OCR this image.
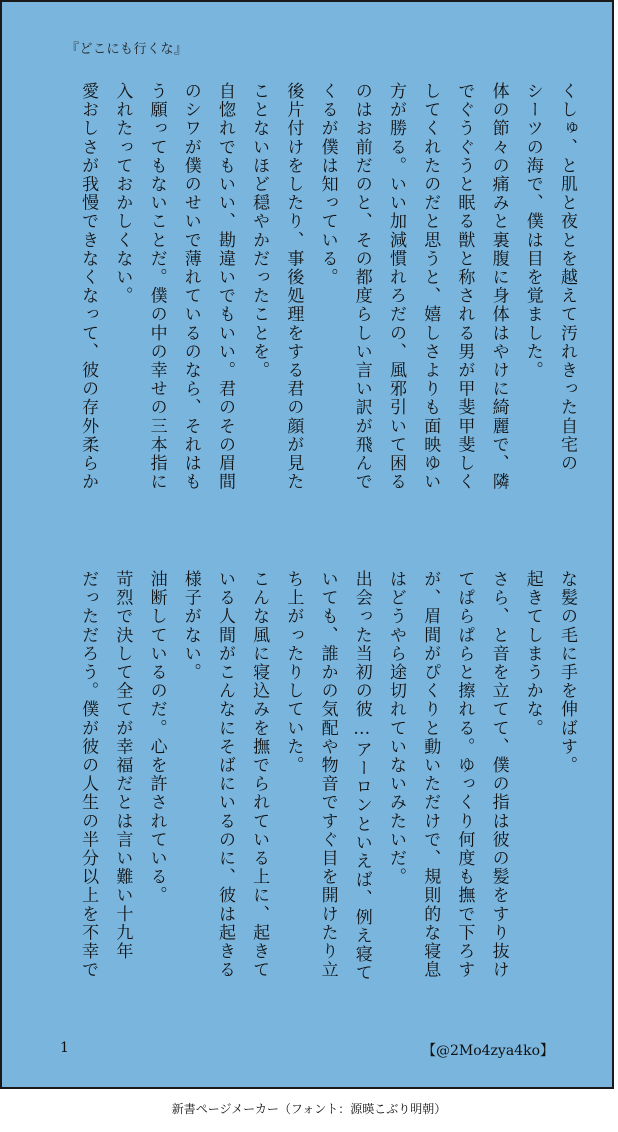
『どこにも行くな』
くしゅ、と肌と夜とを越えて汚れきった自宅の
シーツの海で、僕は目を覚ました。
体の節々の痛みと裏腹に身体はやけに綺麗で、隣
でぐうぐうと眠る獣と称される男が甲斐甲斐しく
してくれたのだと思うと、嬉しさよりも面映ゆい
方が勝る。いい加減慣れろだの、風邪引いて困る
のはお前だのと、その都度らしい言い訳が飛んで
くるが僕は知っている。
後片付けをしたり、事後処理をする君の顔が見た
ことないほど穏やかだったことを。
自惚れでもいい、勘違いでもいい。君のその眉間
のシワが僕のせいで薄れているのなら、それはも
う願ってもないことだ。僕の中の幸せの三本指に
入れたっておかしくない。
愛おしさが我慢できなくなって、彼の存外柔らか
な髪の毛に手を伸ばす。
起きてしまうかな。
さら、と音を立てて、僕の指は彼の髪をすり抜け
てぱらぱらと擦れる。ゆっくり何度も撫で下ろす
が、眉間がぴくりと動いただけで、規則的な寝息
はどうやら途切れていないみたいだ。
出会った当初の彼…アーロンといえば、例え寝て
いても、誰かの気配や物音ですぐ目を開けたり立
ち上がったりしていた。
こんな風に寝込みを撫でられている上に、起きて
いる人間がこんなにそばにいるのに、彼は起きる
様子がない。
油断しているのだ。心を許されている。
苛烈で決して全てが幸福だとは言い難い十九年
だっただろう。僕が彼の人生の半分以上を不幸で
1	【@2Mo4zya4ko】
新書ページメーカー（フォント：源暎こぶり明朝）
